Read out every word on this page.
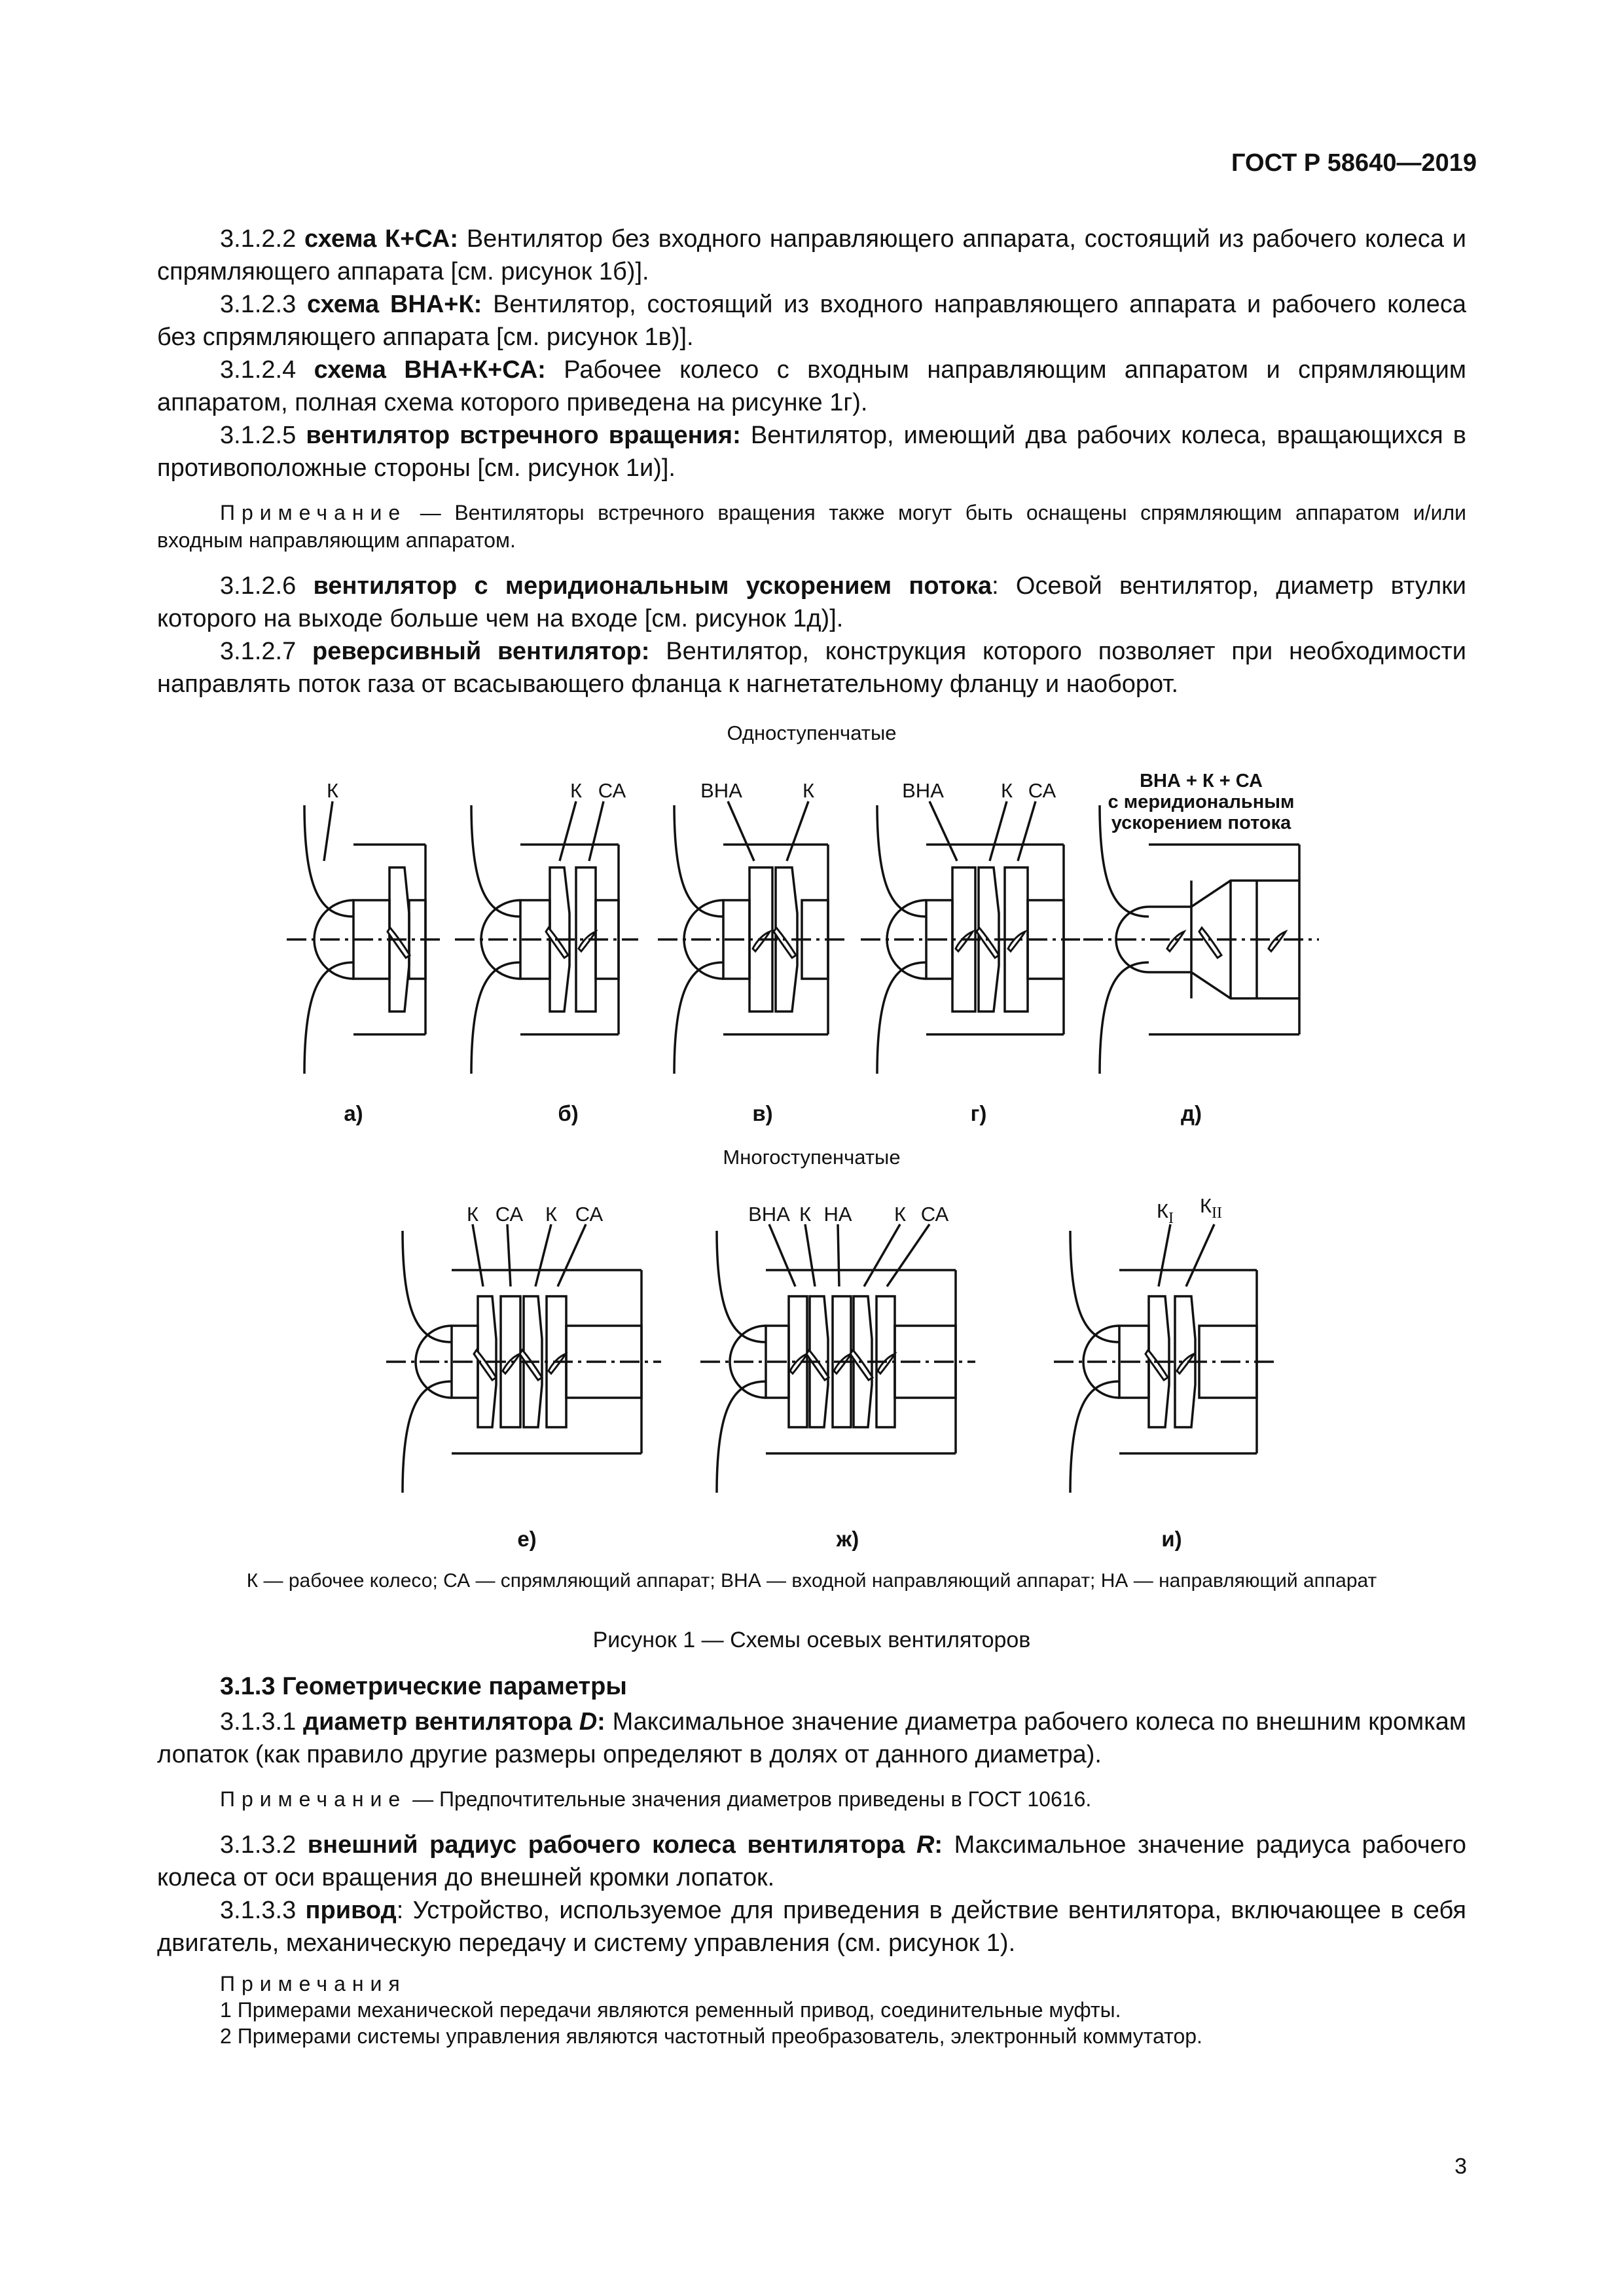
ГОСТ Р 58640—2019

3.1.2.2 схема К+СА: Вентилятор без входного направляющего аппарата, состоящий из рабочего колеса и спрямляющего аппарата [см. рисунок 1б)].

3.1.2.3 схема ВНА+К: Вентилятор, состоящий из входного направляющего аппарата и рабочего колеса без спрямляющего аппарата [см. рисунок 1в)].

3.1.2.4 схема ВНА+К+СА: Рабочее колесо с входным направляющим аппаратом и спрямляющим аппаратом, полная схема которого приведена на рисунке 1г).

3.1.2.5 вентилятор встречного вращения: Вентилятор, имеющий два рабочих колеса, вращающихся в противоположные стороны [см. рисунок 1и)].

Примечание — Вентиляторы встречного вращения также могут быть оснащены спрямляющим аппаратом и/или входным направляющим аппаратом.

3.1.2.6 вентилятор с меридиональным ускорением потока: Осевой вентилятор, диаметр втулки которого на выходе больше чем на входе [см. рисунок 1д)].

3.1.2.7 реверсивный вентилятор: Вентилятор, конструкция которого позволяет при необходимости направлять поток газа от всасывающего фланца к нагнетательному фланцу и наоборот.

Одноступенчатые
Многоступенчатые
К	К СА	ВНА	К	ВНА	К СА	ВНА + К + СА
с меридиональным
ускорением потока
К СА К СА	ВНА К НА К СА	$К_I$
$К_{II}$
а)	б)	в)	г)	д)
е)	ж)	и)
К — рабочее колесо; СА — спрямляющий аппарат; ВНА — входной направляющий аппарат; НА — направляющий аппарат
Рисунок 1 — Схемы осевых вентиляторов
3.1.3 Геометрические параметры

3.1.3.1 диаметр вентилятора D: Максимальное значение диаметра рабочего колеса по внешним кромкам лопаток (как правило другие размеры определяют в долях от данного диаметра).

Примечание — Предпочтительные значения диаметров приведены в ГОСТ 10616.

3.1.3.2 внешний радиус рабочего колеса вентилятора R: Максимальное значение радиуса рабочего колеса от оси вращения до внешней кромки лопаток.

3.1.3.3 привод: Устройство, используемое для приведения в действие вентилятора, включающее в себя двигатель, механическую передачу и систему управления (см. рисунок 1).

Примечания
1 Примерами механической передачи являются ременный привод, соединительные муфты.
2 Примерами системы управления являются частотный преобразователь, электронный коммутатор.
3
